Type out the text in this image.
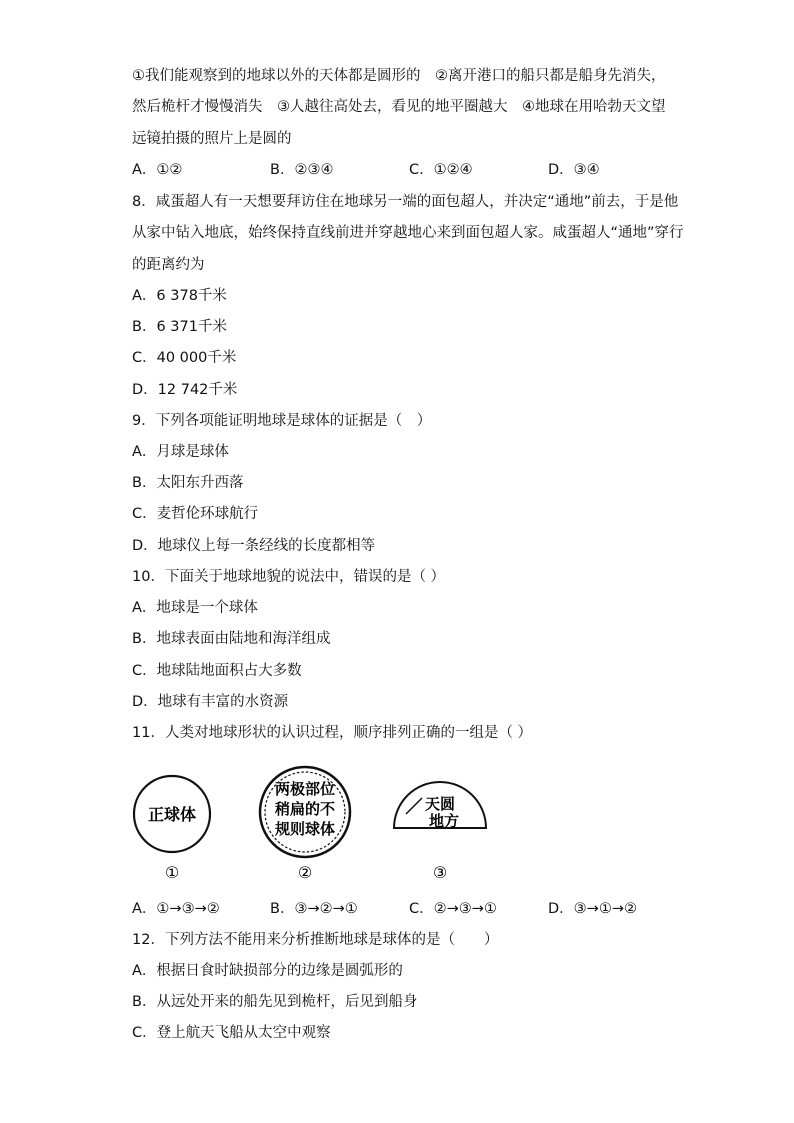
①我们能观察到的地球以外的天体都是圆形的　②离开港口的船只都是船身先消失，
然后桅杆才慢慢消失　③人越往高处去，看见的地平圈越大　④地球在用哈勃天文望
远镜拍摄的照片上是圆的
A．①②	B．②③④	C．①②④	D．③④
8．咸蛋超人有一天想要拜访住在地球另一端的面包超人，并决定“通地”前去，于是他
从家中钻入地底，始终保持直线前进并穿越地心来到面包超人家。咸蛋超人“通地”穿行
的距离约为
A．6 378千米
B．6 371千米
C．40 000千米
D．12 742千米
9．下列各项能证明地球是球体的证据是（　）
A．月球是球体
B．太阳东升西落
C．麦哲伦环球航行
D．地球仪上每一条经线的长度都相等
10．下面关于地球地貌的说法中，错误的是（ ）
A．地球是一个球体
B．地球表面由陆地和海洋组成
C．地球陆地面积占大多数
D．地球有丰富的水资源
11．人类对地球形状的认识过程，顺序排列正确的一组是（ ）
正球体
两极部位
稍扁的不
规则球体
天圆
地方
①	②	③
A．①→③→②	B．③→②→①	C．②→③→①	D．③→①→②
12．下列方法不能用来分析推断地球是球体的是（　　）
A．根据日食时缺损部分的边缘是圆弧形的
B．从远处开来的船先见到桅杆，后见到船身
C．登上航天飞船从太空中观察
